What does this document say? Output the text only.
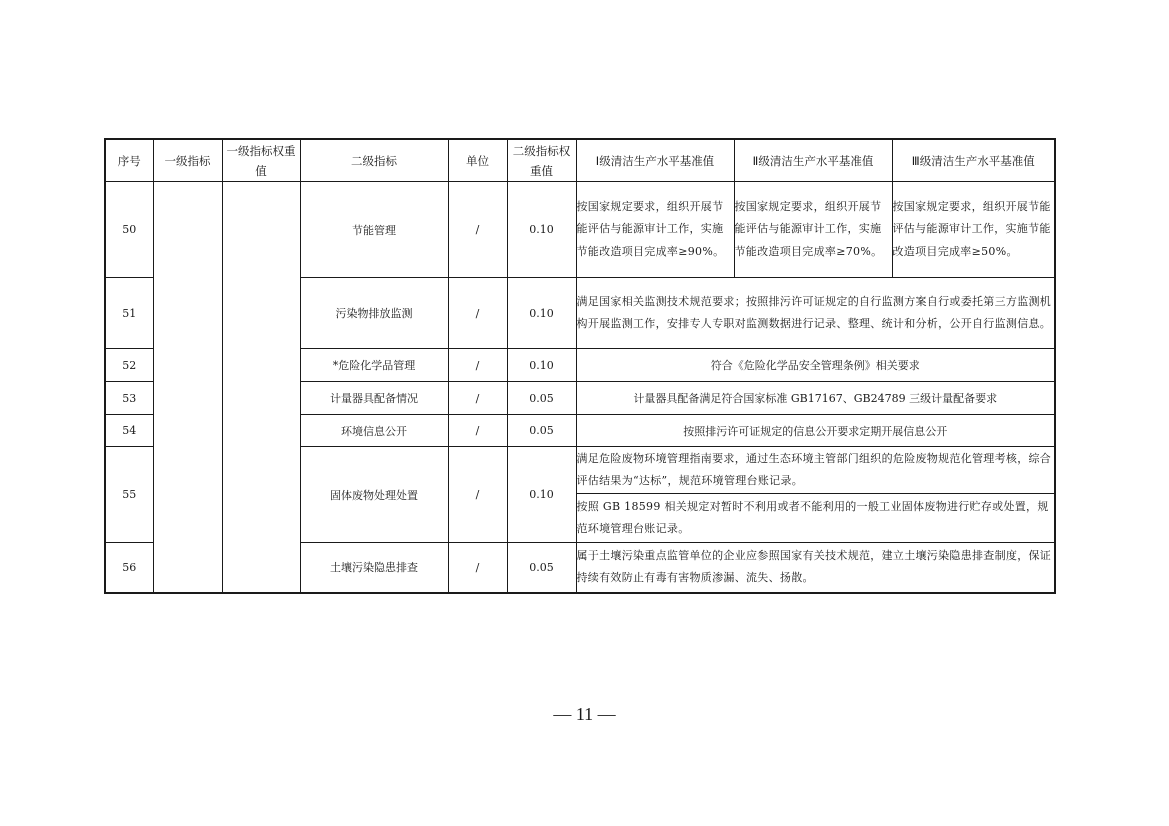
序号	一级指标	一级指标权重值	二级指标	单位	二级指标权重值	Ⅰ级清洁生产水平基准值	Ⅱ级清洁生产水平基准值	Ⅲ级清洁生产水平基准值
50			节能管理	/	0.10	按国家规定要求，组织开展节能评估与能源审计工作，实施节能改造项目完成率≥90%。	按国家规定要求，组织开展节能评估与能源审计工作，实施节能改造项目完成率≥70%。	按国家规定要求，组织开展节能评估与能源审计工作，实施节能改造项目完成率≥50%。
51			污染物排放监测	/	0.10	满足国家相关监测技术规范要求；按照排污许可证规定的自行监测方案自行或委托第三方监测机构开展监测工作，安排专人专职对监测数据进行记录、整理、统计和分析，公开自行监测信息。		
52			*危险化学品管理	/	0.10	符合《危险化学品安全管理条例》相关要求		
53			计量器具配备情况	/	0.05	计量器具配备满足符合国家标准 GB17167、GB24789 三级计量配备要求		
54			环境信息公开	/	0.05	按照排污许可证规定的信息公开要求定期开展信息公开		
55			固体废物处理处置	/	0.10	满足危险废物环境管理指南要求，通过生态环境主管部门组织的危险废物规范化管理考核，综合评估结果为“达标”，规范环境管理台账记录。		
						按照 GB 18599 相关规定对暂时不利用或者不能利用的一般工业固体废物进行贮存或处置，规范环境管理台账记录。		
56			土壤污染隐患排查	/	0.05	属于土壤污染重点监管单位的企业应参照国家有关技术规范，建立土壤污染隐患排查制度，保证持续有效防止有毒有害物质渗漏、流失、扬散。		
— 11 —
